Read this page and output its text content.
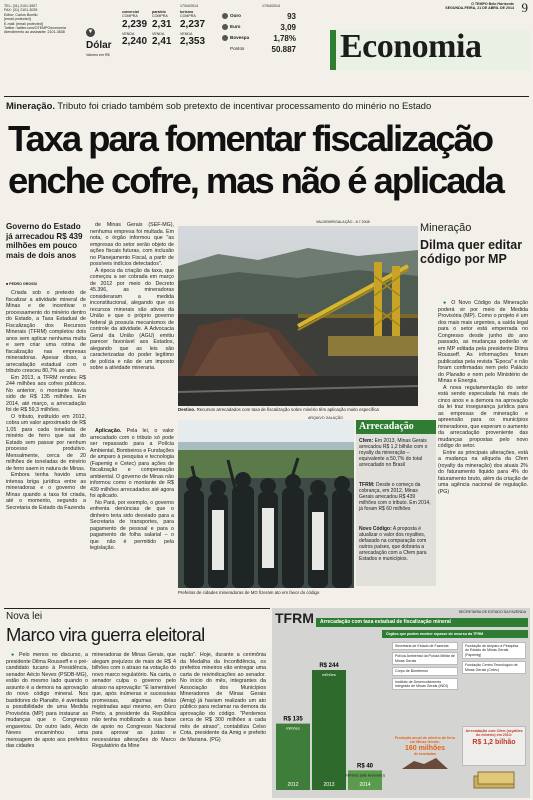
TEL: (31) 2101-3907
FAX: (31) 2101-3039
Editor: Carlos Bonillo
[email protected]
E-mail: [email protected]
Twitter: twitter.com/OTEMPOeconomia
Atendimento ao assinante: 2101-3838	▼
Dólar
Valores em R$
17/04/2014
comercial
COMPRA
2,239
VENDA
2,240
paralelo
COMPRA
2,31
VENDA
2,41
turismo
COMPRA
2,237
VENDA
2,353
17/04/2014
Ouro	93
Euro	3,09
Bovespa	1,78%
Pontos	50.887
O TEMPO Belo Horizonte
SEGUNDA-FEIRA, 21 DE ABRIL DE 2014 9
Economia
Mineração. Tributo foi criado também sob pretexto de incentivar processamento do minério no Estado
Taxa para fomentar fiscalização enche cofre, mas não é aplicada
Governo do Estado já arrecadou R$ 439 milhões em pouco mais de dois anos
■ PEDRO GROSSI

Criada sob o pretexto de fiscalizar a atividade mineral de Minas e de incentivar o processamento do minério dentro do Estado, a Taxa Estadual de Fiscalização dos Recursos Minerais (TFRM) completou dois anos sem aplicar nenhuma multa e sem criar uma rotina de fiscalização nas empresas mineradoras. Apesar disso, a arrecadação estadual com o tributo cresceu 80,7% ao ano.

Em 2013, a TFRM rendeu R$ 244 milhões aos cofres públicos. No anterior, o montante havia sido de R$ 135 milhões. Em 2014, até março, a arrecadação foi de R$ 59,3 milhões.

O tributo, instituído em 2012, cobra um valor aproximado de R$ 1,05 para cada tonelada de minério de ferro que sai do Estado sem passar por nenhum processo produtivo. Mensalmente, cerca de 20 milhões de toneladas de minério de ferro saem in natura de Minas.

Embora tenha havido uma intensa briga jurídica entre as mineradoras e o governo de Minas quando a taxa foi criada, até o momento, segundo a Secretaria de Estado da Fazenda

de Minas Gerais (SEF-MG), nenhuma empresa foi multada. Em nota, o órgão informou que "as empresas do setor serão objeto de ações fiscais futuras, com inclusão no Planejamento Fiscal, a partir de possíveis indícios detectados".

À época da criação da taxa, que começou a ser cobrada em março de 2012 por meio do Decreto 45.396, as mineradoras consideraram a medida inconstitucional, alegando que os recursos minerais são ativos da União e que o próprio governo federal já possuía mecanismos de controle da atividade. A Advocacia Geral da União (AGU) emitiu parecer favorável aos Estados, alegando que as leis são caracterizadas do poder legítimo de polícia e não de um imposto sobre a atividade mineraria.

Aplicação. Pela lei, o valor arrecadado com o tributo só pode ser repassado para a Polícia Ambiental, Bombeiros e Fundações de amparo à pesquisa e tecnologia (Fapemig e Cetec) para ações de fiscalização e compensação ambiental. O governo de Minas não informou como o montante de R$ 439 milhões arrecadados até agora foi aplicado.

No Pará, por exemplo, o governo enfrenta denúncias de que o dinheiro teria sido desviado para a Secretaria de transportes, para pagamento de pessoal e para o pagamento de folha salarial – o que não é permitido pela legislação.

VALDEMIR/GALAÇÃO - 8.7.2008
Destino. Recursos arrecadados com taxa de fiscalização sobre minério têm aplicação muito específica
ARQUIVO GALAÇÃO
Prefeitos de cidades mineradoras de MG fizeram ato em favor do código
Arrecadação
Cfem: Em 2013, Minas Gerais arrecadou R$ 1,2 bilhão com o royalty da mineração – equivalente a 50,7% do total arrecadado no Brasil
TFRM: Desde o começo da cobrança, em 2012, Minas Gerais arrecadou R$ 439 milhões com o tributo. Em 2014, já foram R$ 60 milhões
Novo Código: A proposta é atualizar o valor dos royalties, defasado na comparação com outros países, que dobraria a arrecadação com a Cfem para Estados e municípios.
Mineração
Dilma quer editar código por MP

● O Novo Código da Mineração poderá vir por meio de Medida Provisória (MP). Como o projeto é um dos mais mais urgentes, a saída legal para o setor está emperrada no Congresso desde junho do ano passado, as mudanças poderão vir em MP editada pela presidente Dilma Rousseff. As informações foram publicadas pela revista "Época" e não foram confirmadas nem pelo Palácio do Planalto e nem pelo Ministério de Minas e Energia.

A nova regulamentação do setor está sendo especulada há mais de cinco anos e a demora na aprovação da lei traz insegurança jurídica para as empresas de mineração e apreensão para os municípios mineradores, que esperam o aumento da arrecadação proveniente das mudanças propostas pelo novo código do setor.

Entre as principais alterações, está a mudança na alíquota da Cfem (royalty da mineração) dos atuais 2% do faturamento líquido para 4% do faturamento bruto, além da criação de uma agência nacional de regulação. (PG)

Nova lei
Marco vira guerra eleitoral

● Pelo menos no discurso, a presidente Dilma Rousseff e o pré-candidato tucano à Presidência, senador Aécio Neves (PSDB-MG), estão do mesmo lado quando o assunto é a demora na aprovação do novo código mineral. Nos bastidores do Planalto, é aventada a possibilidade de uma Medida Provisória (MP) para instaurar as mudanças que o Congresso engavetou. Do outro lado, Aécio Neves encaminhou uma mensagem de apoio aos prefeitos das cidades

mineradoras de Minas Gerais, que alegam prejuízos de mais de R$ 4 bilhões com o atraso na votação do novo marco regulatório. Na carta, o senador culpa o governo pelo atraso na aprovação: "É lamentável que, após inúmeras e sucessivas promessas, algumas delas registradas aqui mesmo, em Ouro Preto, a presidente da República não tenha mobilizado a sua base de apoio no Congresso Nacional para aprovar as justas e necessárias alterações do Marco Regulatório da Mine

ração". Hoje, durante a cerimônia da Medalha da Inconfidência, os prefeitos mineiros vão entregar uma carta de reivindicações ao senador. No início do mês, integrantes da Associação dos Municípios Mineradores de Minas Gerais (Amig) já haviam realizado um ato público para reclamar na demora da aprovação do código. "Perdemos cerca de R$ 300 milhões a cada mês de atraso", contabiliza Celso Cota, presidente da Amig e prefeito de Mariana. (PG)

TFRM	SECRETARIA DE ESTADO DA FAZENDA
Arrecadação com taxa estadual de fiscalização mineral
Órgãos que podem receber repasse do recurso da TFRM
R$ 135
milhões
2012
R$ 244
milhões
2013
R$ 40
milhões (até fevereiro)
2014
Secretaria de Estado de Fazenda
Polícia Ambiental da Polícia Militar de Minas Gerais
Corpo de Bombeiros
Instituto de Desenvolvimento Integrado de Minas Gerais (INDI)
Fundação de Amparo à Pesquisa do Estado de Minas Gerais (Fapemig)
Fundação Centro Tecnológico de Minas Gerais (Cetec)
Produção anual de minério de ferro em Minas Gerais:
160 milhões
de toneladas
Arrecadação com Cfem (royalties do minério) em 2013:
R$ 1,2 bilhão
